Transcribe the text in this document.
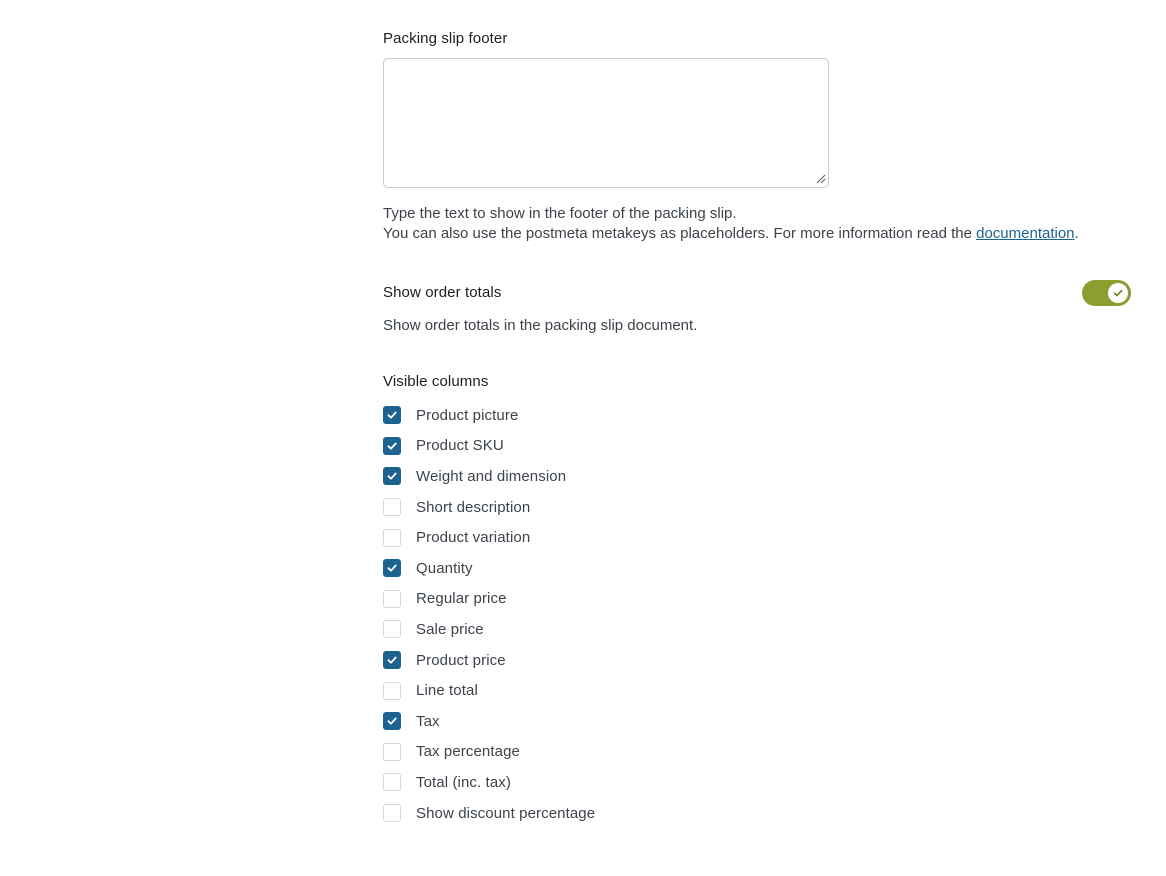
Packing slip footer
Type the text to show in the footer of the packing slip.
You can also use the postmeta metakeys as placeholders. For more information read the documentation.
Show order totals
Show order totals in the packing slip document.
Visible columns
Product picture
Product SKU
Weight and dimension
Short description
Product variation
Quantity
Regular price
Sale price
Product price
Line total
Tax
Tax percentage
Total (inc. tax)
Show discount percentage
